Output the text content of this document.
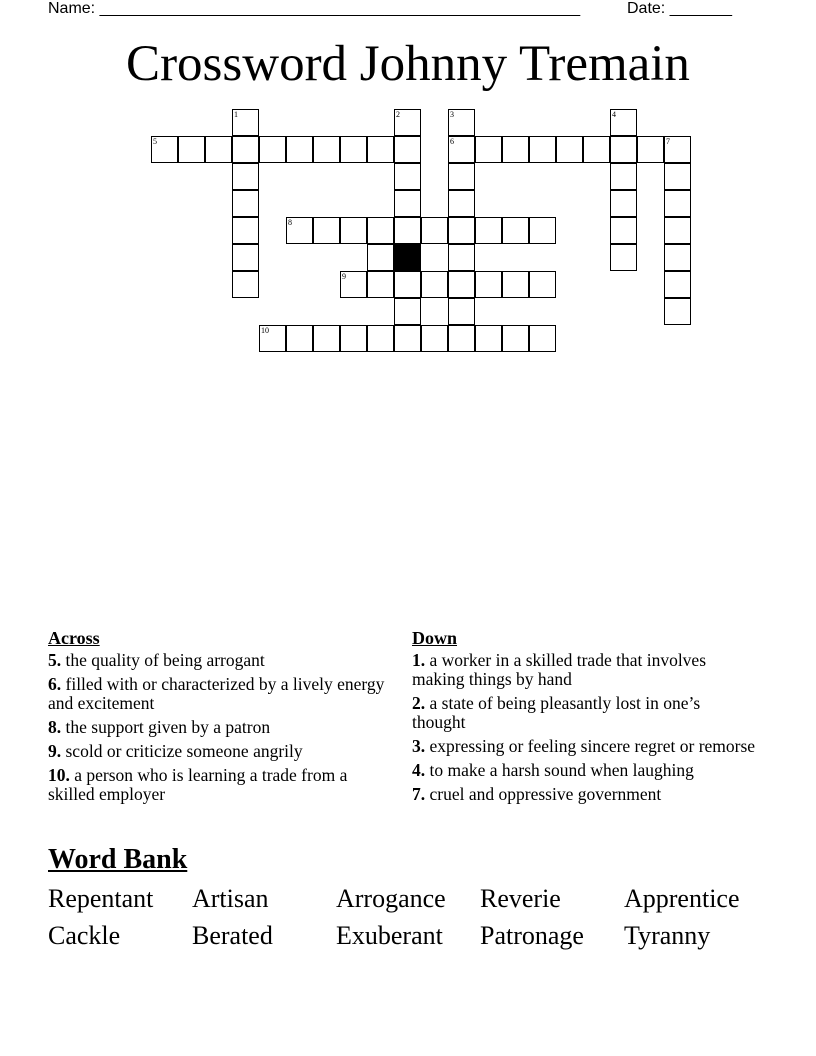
Name: ______________________________________________________	Date: _______
Crossword Johnny Tremain
1	2	3
6
4
5	7
8
9
10
Across
5. the quality of being arrogant
6. filled with or characterized by a lively energy and excitement
8. the support given by a patron
9. scold or criticize someone angrily
10. a person who is learning a trade from a skilled employer
Down
1. a worker in a skilled trade that involves making things by hand
2. a state of being pleasantly lost in one’s thought
3. expressing or feeling sincere regret or remorse
4. to make a harsh sound when laughing
7. cruel and oppressive government
Word Bank
Repentant Artisan	Arrogance Reverie Apprentice
Cackle	Berated Exuberant Patronage Tyranny
